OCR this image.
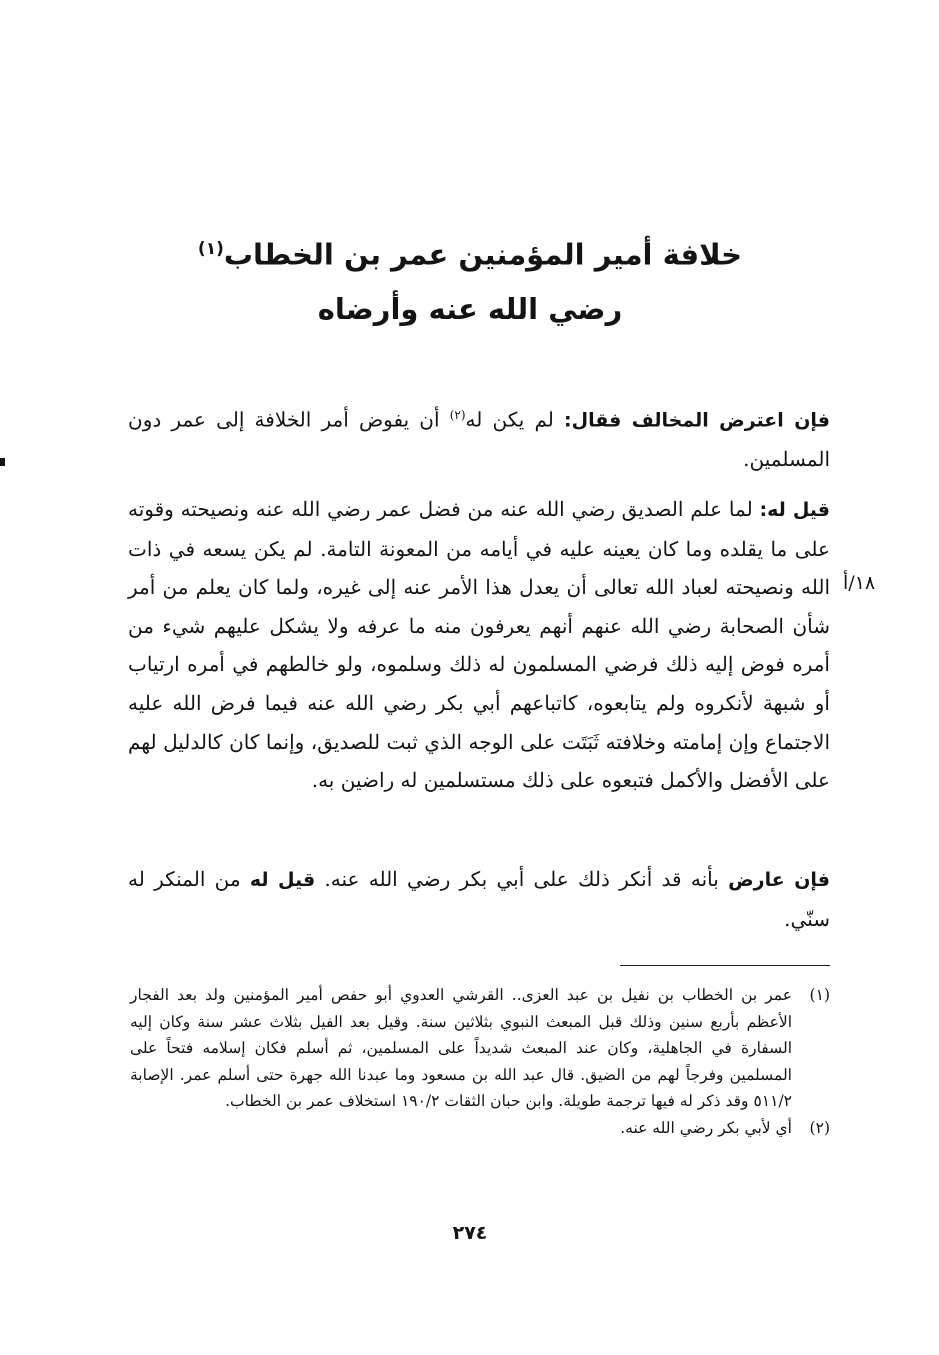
خلافة أمير المؤمنين عمر بن الخطاب$^{(١)}$
رضي الله عنه وأرضاه

فإن اعترض المخالف فقال: لم يكن له$^{(٢)}$ أن يفوض أمر الخلافة إلى عمر دون المسلمين.

قيل له: لما علم الصديق رضي الله عنه من فضل عمر رضي الله عنه ونصيحته وقوته على ما يقلده وما كان يعينه عليه في أيامه من المعونة التامة. لم يكن يسعه في ذات الله ونصيحته لعباد الله تعالى أن يعدل هذا الأمر عنه إلى غيره، ولما كان يعلم من أمر شأن الصحابة رضي الله عنهم أنهم يعرفون منه ما عرفه ولا يشكل عليهم شيء من أمره فوض إليه ذلك فرضي المسلمون له ذلك وسلموه، ولو خالطهم في أمره ارتياب أو شبهة لأنكروه ولم يتابعوه، كاتباعهم أبي بكر رضي الله عنه فيما فرض الله عليه الاجتماع وإن إمامته وخلافته ثَبَتَت على الوجه الذي ثبت للصديق، وإنما كان كالدليل لهم على الأفضل والأكمل فتبعوه على ذلك مستسلمين له راضين به.

١٨/أ

فإن عارض بأنه قد أنكر ذلك على أبي بكر رضي الله عنه. قيل له من المنكر له سنّي.

(١)
عمر بن الخطاب بن نفيل بن عبد العزى.. القرشي العدوي أبو حفص أمير المؤمنين ولد بعد الفجار الأعظم بأربع سنين وذلك قبل المبعث النبوي بثلاثين سنة. وقيل بعد الفيل بثلاث عشر سنة وكان إليه السفارة في الجاهلية، وكان عند المبعث شديداً على المسلمين، ثم أسلم فكان إسلامه فتحاً على المسلمين وفرجاً لهم من الضيق. قال عبد الله بن مسعود وما عبدنا الله جهرة حتى أسلم عمر. الإصابة ٥١١/٢ وقد ذكر له فيها ترجمة طويلة. وابن حبان الثقات ١٩٠/٢ استخلاف عمر بن الخطاب.

(٢)
أي لأبي بكر رضي الله عنه.

٢٧٤
